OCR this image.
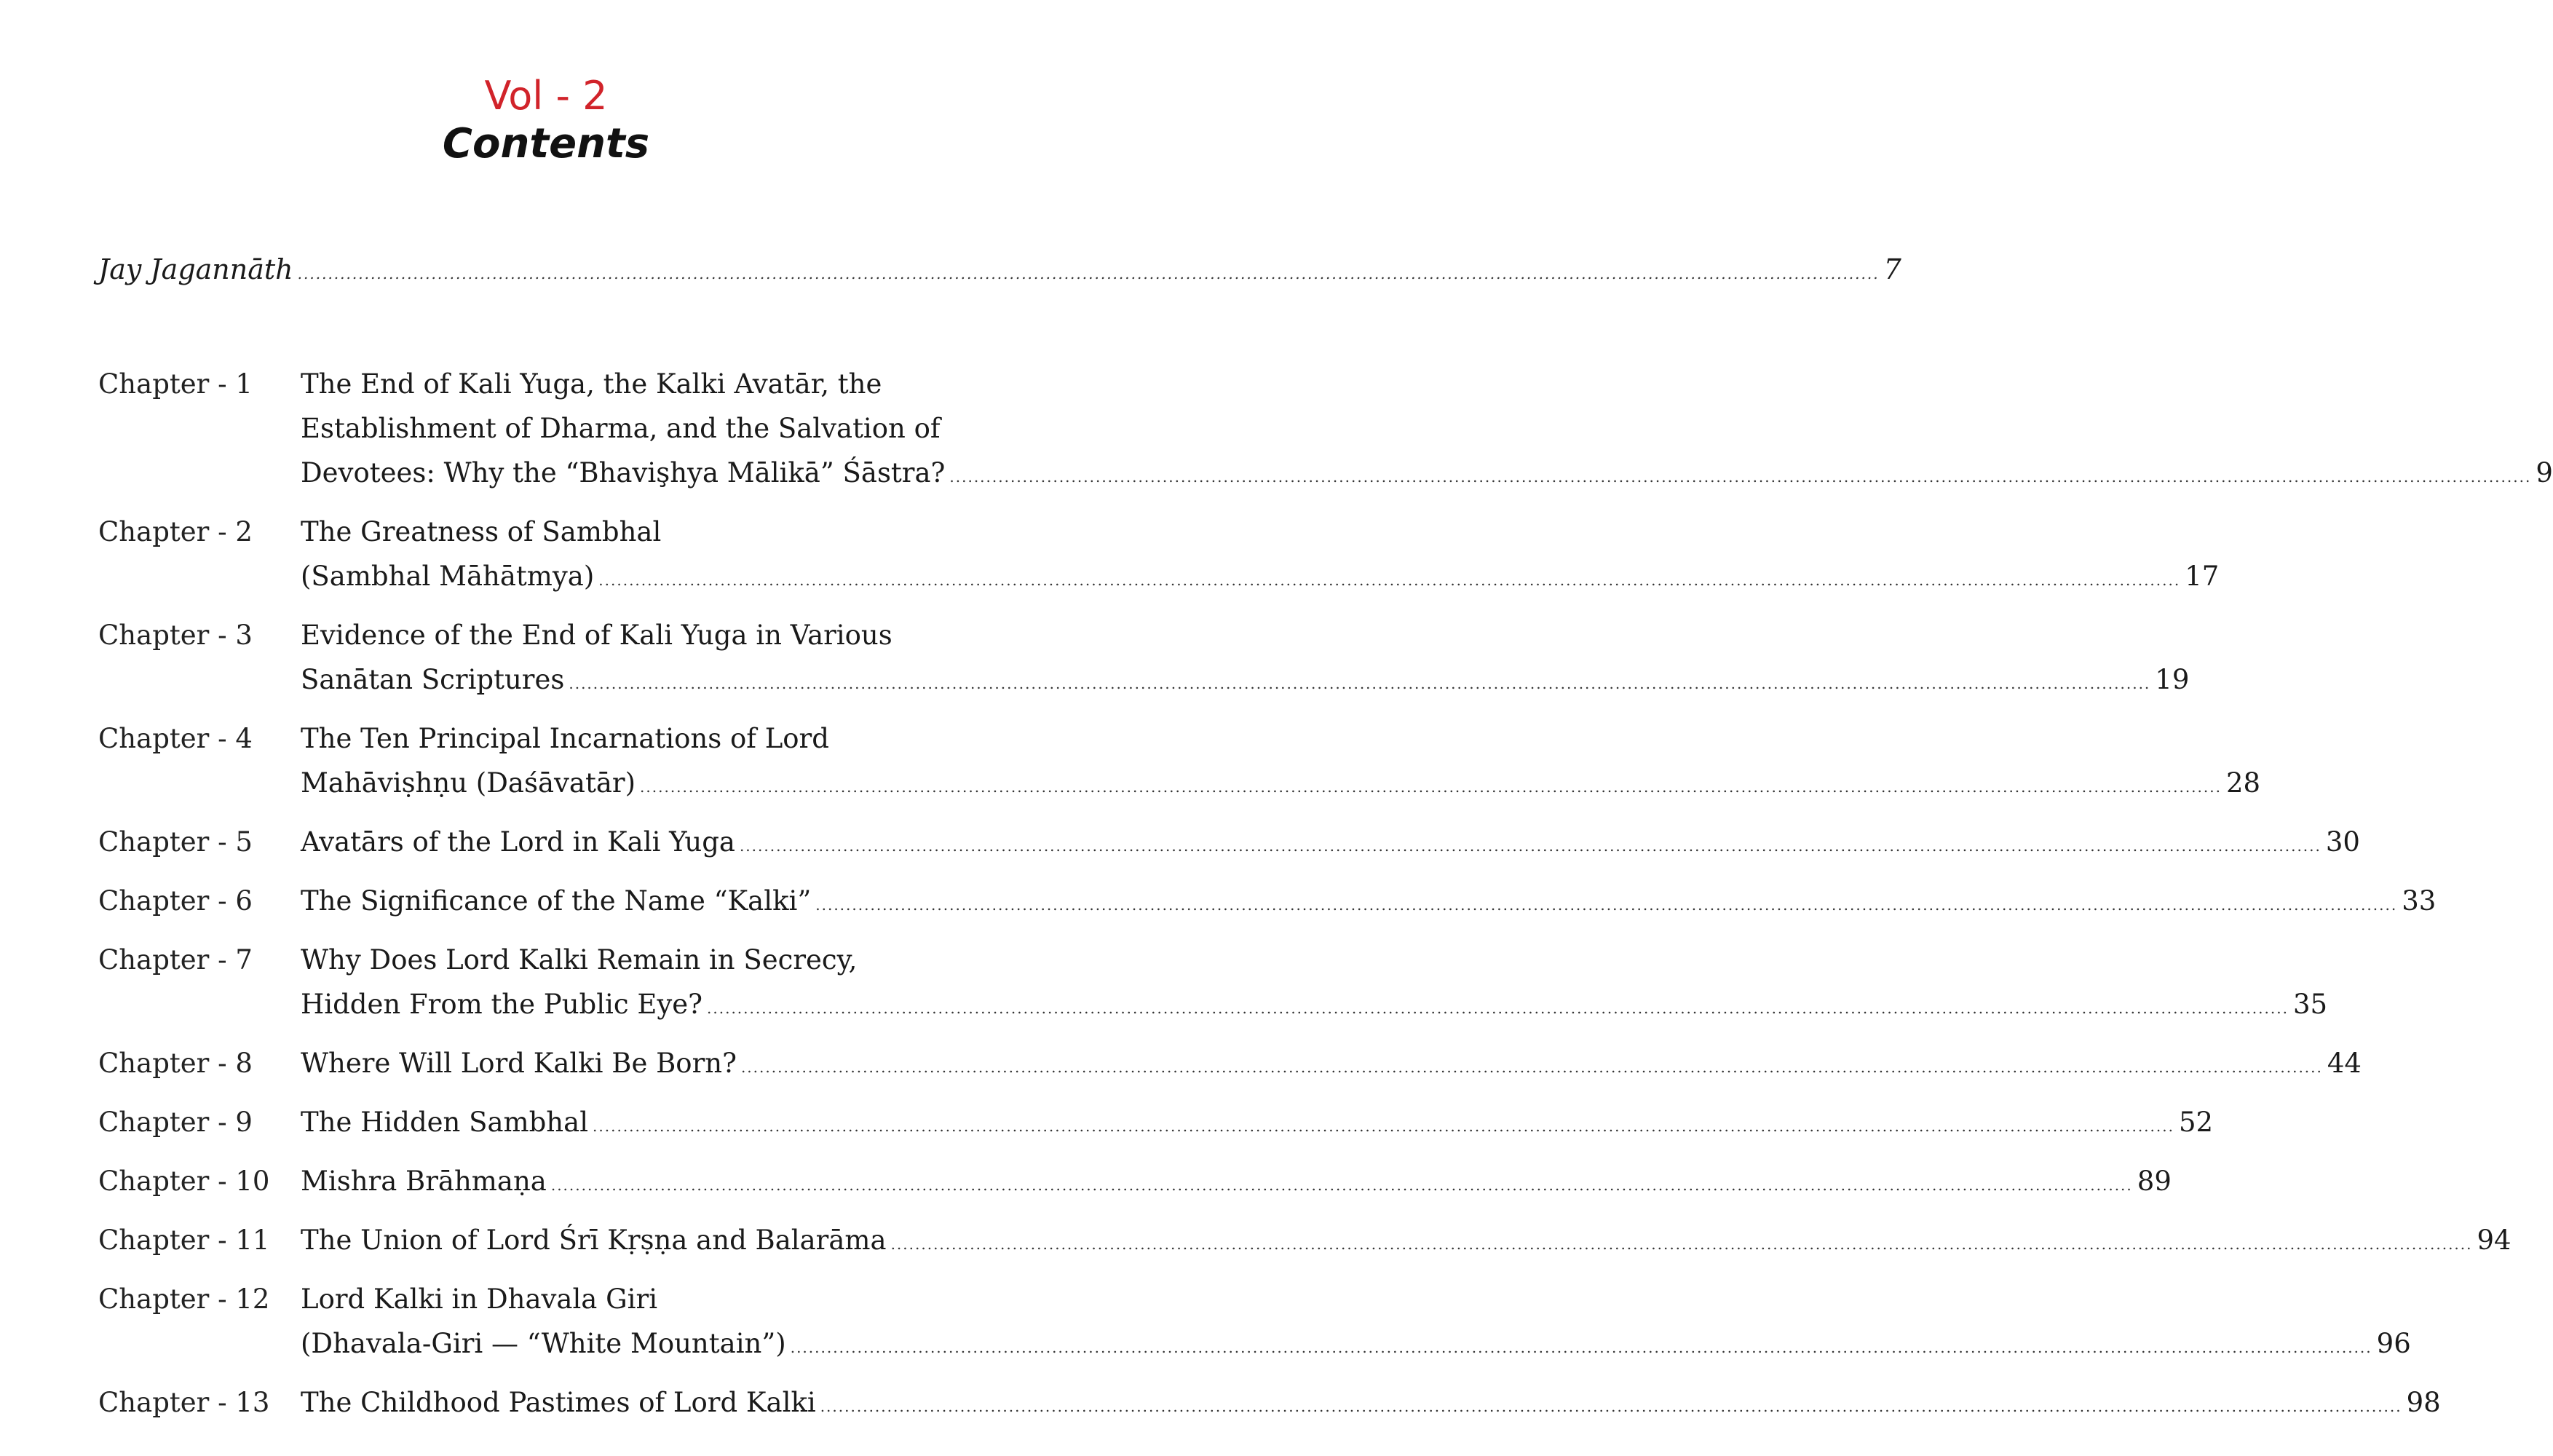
Vol - 2
Contents
Jay Jagannāth .....	7
Chapter - 1	The End of Kali Yuga, the Kalki Avatār, the
Establishment of Dharma, and the Salvation of
Devotees: Why the “Bhavişhya Mālikā” Śāstra? .....	9
Chapter - 2	The Greatness of Sambhal
(Sambhal Māhātmya) .....	17
Chapter - 3	Evidence of the End of Kali Yuga in Various
Sanātan Scriptures .....	19
Chapter - 4	The Ten Principal Incarnations of Lord
Mahāviṣhṇu (Daśāvatār) .....	28
Chapter - 5	Avatārs of the Lord in Kali Yuga .....	30
Chapter - 6	The Significance of the Name “Kalki” .....	33
Chapter - 7	Why Does Lord Kalki Remain in Secrecy,
Hidden From the Public Eye? .....	35
Chapter - 8	Where Will Lord Kalki Be Born? .....	44
Chapter - 9	The Hidden Sambhal .....	52
Chapter - 10	Mishra Brāhmaṇa .....	89
Chapter - 11	The Union of Lord Śrī Kṛṣṇa and Balarāma .....	94
Chapter - 12	Lord Kalki in Dhavala Giri
(Dhavala-Giri — “White Mountain”) .....	96
Chapter - 13	The Childhood Pastimes of Lord Kalki .....	98
